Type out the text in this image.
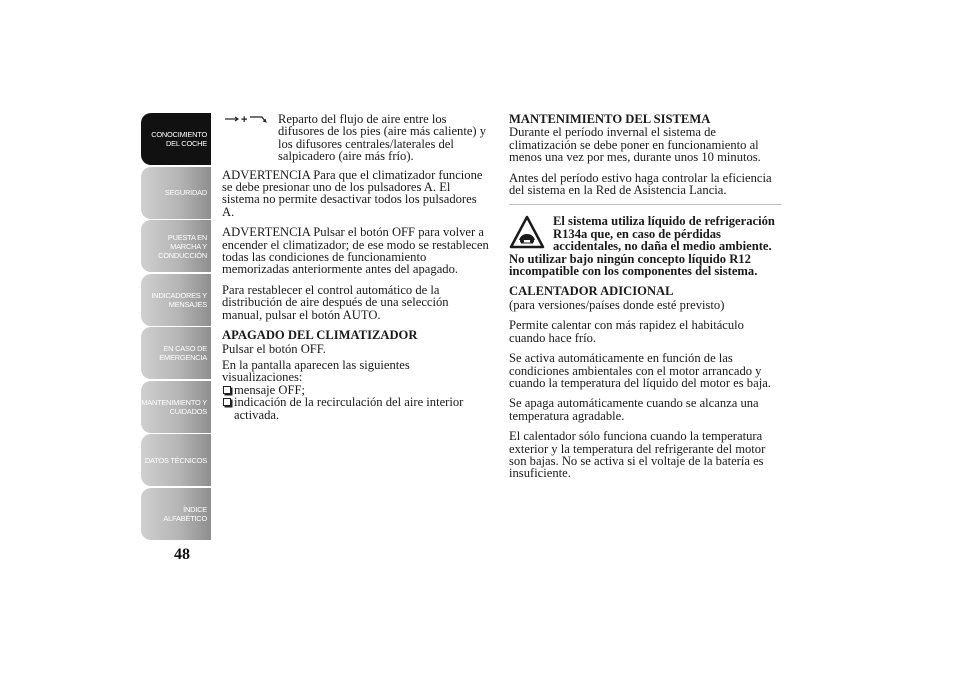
CONOCIMIENTO
DEL COCHE
SEGURIDAD
PUESTA EN
MARCHA Y
CONDUCCIÓN
INDICADORES Y
MENSAJES
EN CASO DE
EMERGENCIA
MANTENIMIENTO Y
CUIDADOS
DATOS TÉCNICOS
ÍNDICE
ALFABÉTICO
48
+ Reparto del flujo de aire entre los difusores de los pies (aire más caliente) y los difusores centrales/laterales del salpicadero (aire más frío).

ADVERTENCIA Para que el climatizador funcione se debe presionar uno de los pulsadores A. El sistema no permite desactivar todos los pulsadores A.

ADVERTENCIA Pulsar el botón OFF para volver a encender el climatizador; de ese modo se restablecen todas las condiciones de funcionamiento memorizadas anteriormente antes del apagado.

Para restablecer el control automático de la distribución de aire después de una selección manual, pulsar el botón AUTO.

APAGADO DEL CLIMATIZADOR

Pulsar el botón OFF.

En la pantalla aparecen las siguientes visualizaciones:

mensaje OFF;
indicación de la recirculación del aire interior activada.
MANTENIMIENTO DEL SISTEMA

Durante el período invernal el sistema de climatización se debe poner en funcionamiento al menos una vez por mes, durante unos 10 minutos.

Antes del período estivo haga controlar la eficiencia del sistema en la Red de Asistencia Lancia.

El sistema utiliza líquido de refrigeración R134a que, en caso de pérdidas accidentales, no daña el medio ambiente. No utilizar bajo ningún concepto líquido R12 incompatible con los componentes del sistema.
CALENTADOR ADICIONAL

(para versiones/países donde esté previsto)

Permite calentar con más rapidez el habitáculo cuando hace frío.

Se activa automáticamente en función de las condiciones ambientales con el motor arrancado y cuando la temperatura del líquido del motor es baja.

Se apaga automáticamente cuando se alcanza una temperatura agradable.

El calentador sólo funciona cuando la temperatura exterior y la temperatura del refrigerante del motor son bajas. No se activa si el voltaje de la batería es insuficiente.
